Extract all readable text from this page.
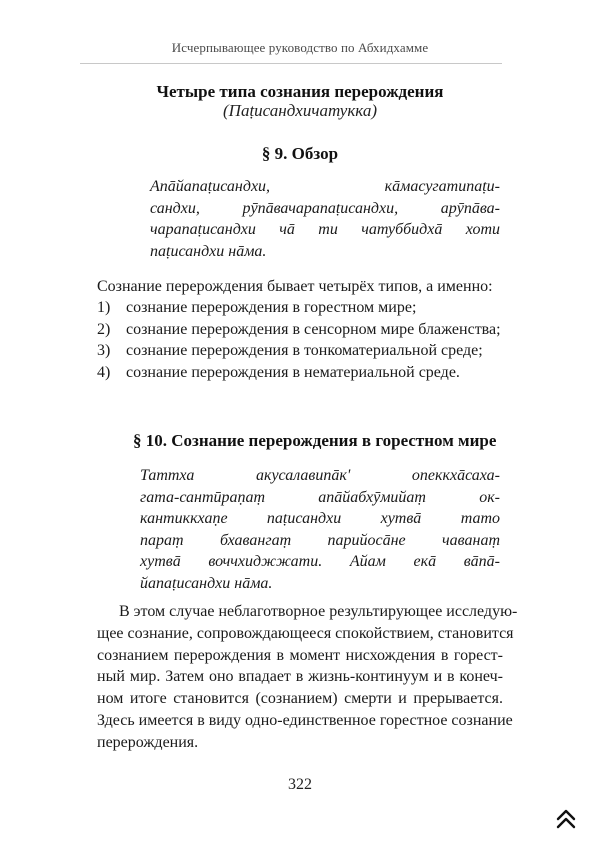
Исчерпывающее руководство по Абхидхамме
Четыре типа сознания перерождения
(Паṭисандхичатукка)
§ 9. Обзор
Апāйапаṭисандхи, кāмасугатипаṭи-
сандхи, рӯпāвачарапаṭисандхи, арӯпāва-
чарапаṭисандхи чā ти чатуббидхā хоти
паṭисандхи нāма.
Сознание перерождения бывает четырёх типов, а именно:
1) сознание перерождения в горестном мире;
2) сознание перерождения в сенсорном мире блаженства;
3) сознание перерождения в тонкоматериальной среде;
4) сознание перерождения в нематериальной среде.
§ 10. Сознание перерождения в горестном мире
Таттха акусалавипāк' опеккхāсаха-
гата-сантӣраṇаṃ апāйабхӯмийаṃ ок-
кантиккхаṇе паṭисандхи хутвā тато
параṃ бхавангаṃ парийосāне чаванаṃ
хутвā воччхиджжати. Айам екā вāпā-
йапаṭисандхи нāма.
В этом случае неблаготворное результирующее исследую-
щее сознание, сопровождающееся спокойствием, становится
сознанием перерождения в момент нисхождения в горест-
ный мир. Затем оно впадает в жизнь-континуум и в конеч-
ном итоге становится (сознанием) смерти и прерывается.
Здесь имеется в виду одно-единственное горестное сознание
перерождения.
322
